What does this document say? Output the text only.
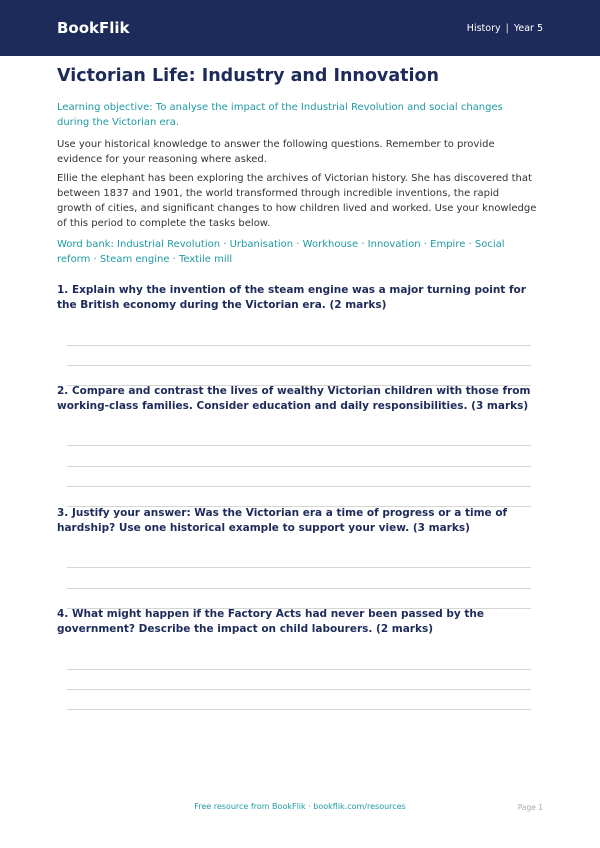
BookFlik	History | Year 5
Victorian Life: Industry and Innovation

Learning objective: To analyse the impact of the Industrial Revolution and social changes during the Victorian era.

Use your historical knowledge to answer the following questions. Remember to provide evidence for your reasoning where asked.

Ellie the elephant has been exploring the archives of Victorian history. She has discovered that between 1837 and 1901, the world transformed through incredible inventions, the rapid growth of cities, and significant changes to how children lived and worked. Use your knowledge of this period to complete the tasks below.

Word bank: Industrial Revolution · Urbanisation · Workhouse · Innovation · Empire · Social reform · Steam engine · Textile mill

1. Explain why the invention of the steam engine was a major turning point for the British economy during the Victorian era. (2 marks)

2. Compare and contrast the lives of wealthy Victorian children with those from working-class families. Consider education and daily responsibilities. (3 marks)

3. Justify your answer: Was the Victorian era a time of progress or a time of hardship? Use one historical example to support your view. (3 marks)

4. What might happen if the Factory Acts had never been passed by the government? Describe the impact on child labourers. (2 marks)

Free resource from BookFlik · bookflik.com/resources	Page 1
